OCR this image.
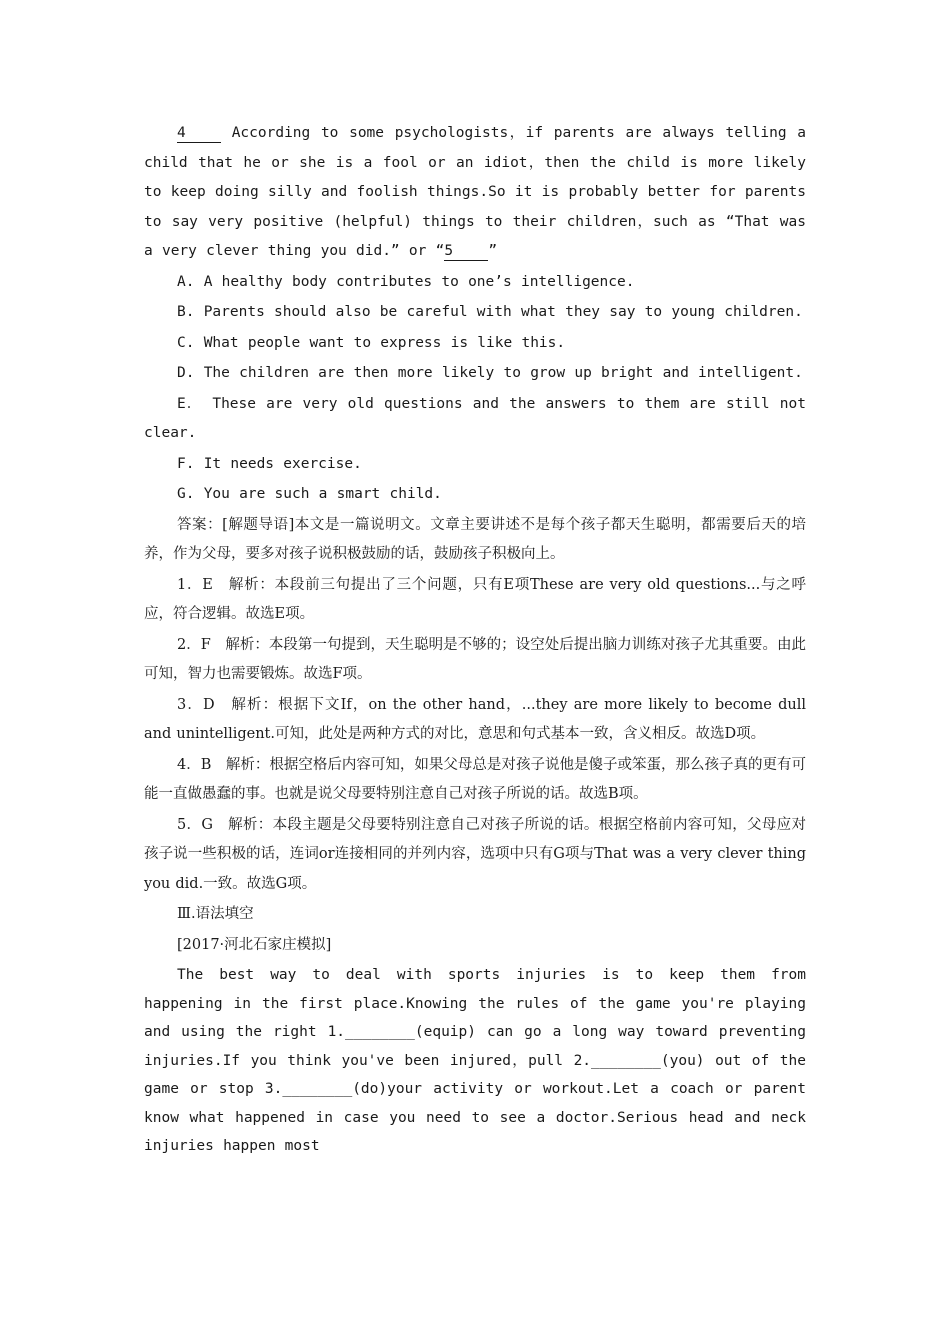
4	According to some psychologists，if parents are always telling a child that he or she is a fool or an idiot，then the child is more likely to keep doing silly and foolish things.So it is probably better for parents to say very positive (helpful) things to their children，such as “That was a very clever thing you did.” or “5 ”

A. A healthy body contributes to one’s intelligence.

B. Parents should also be careful with what they say to young children.

C. What people want to express is like this.

D. The children are then more likely to grow up bright and intelligent.

E． These are very old questions and the answers to them are still not clear.

F. It needs exercise.

G. You are such a smart child.

答案：[解题导语]本文是一篇说明文。文章主要讲述不是每个孩子都天生聪明，都需要后天的培养，作为父母，要多对孩子说积极鼓励的话，鼓励孩子积极向上。

1．E　解析：本段前三句提出了三个问题，只有E项These are very old questions...与之呼应，符合逻辑。故选E项。

2．F　解析：本段第一句提到，天生聪明是不够的；设空处后提出脑力训练对孩子尤其重要。由此可知，智力也需要锻炼。故选F项。

3．D　解析：根据下文If，on the other hand，...they are more likely to become dull and unintelligent.可知，此处是两种方式的对比，意思和句式基本一致，含义相反。故选D项。

4．B　解析：根据空格后内容可知，如果父母总是对孩子说他是傻子或笨蛋，那么孩子真的更有可能一直做愚蠢的事。也就是说父母要特别注意自己对孩子所说的话。故选B项。

5．G　解析：本段主题是父母要特别注意自己对孩子所说的话。根据空格前内容可知，父母应对孩子说一些积极的话，连词or连接相同的并列内容，选项中只有G项与That was a very clever thing you did.一致。故选G项。

Ⅲ.语法填空

[2017·河北石家庄模拟]

The best way to deal with sports injuries is to keep them from happening in the first place.Knowing the rules of the game you're playing and using the right 1.________(equip) can go a long way toward preventing injuries.If you think you've been injured，pull 2.________(you) out of the game or stop 3.________(do)your activity or workout.Let a coach or parent know what happened in case you need to see a doctor.Serious head and neck injuries happen most
